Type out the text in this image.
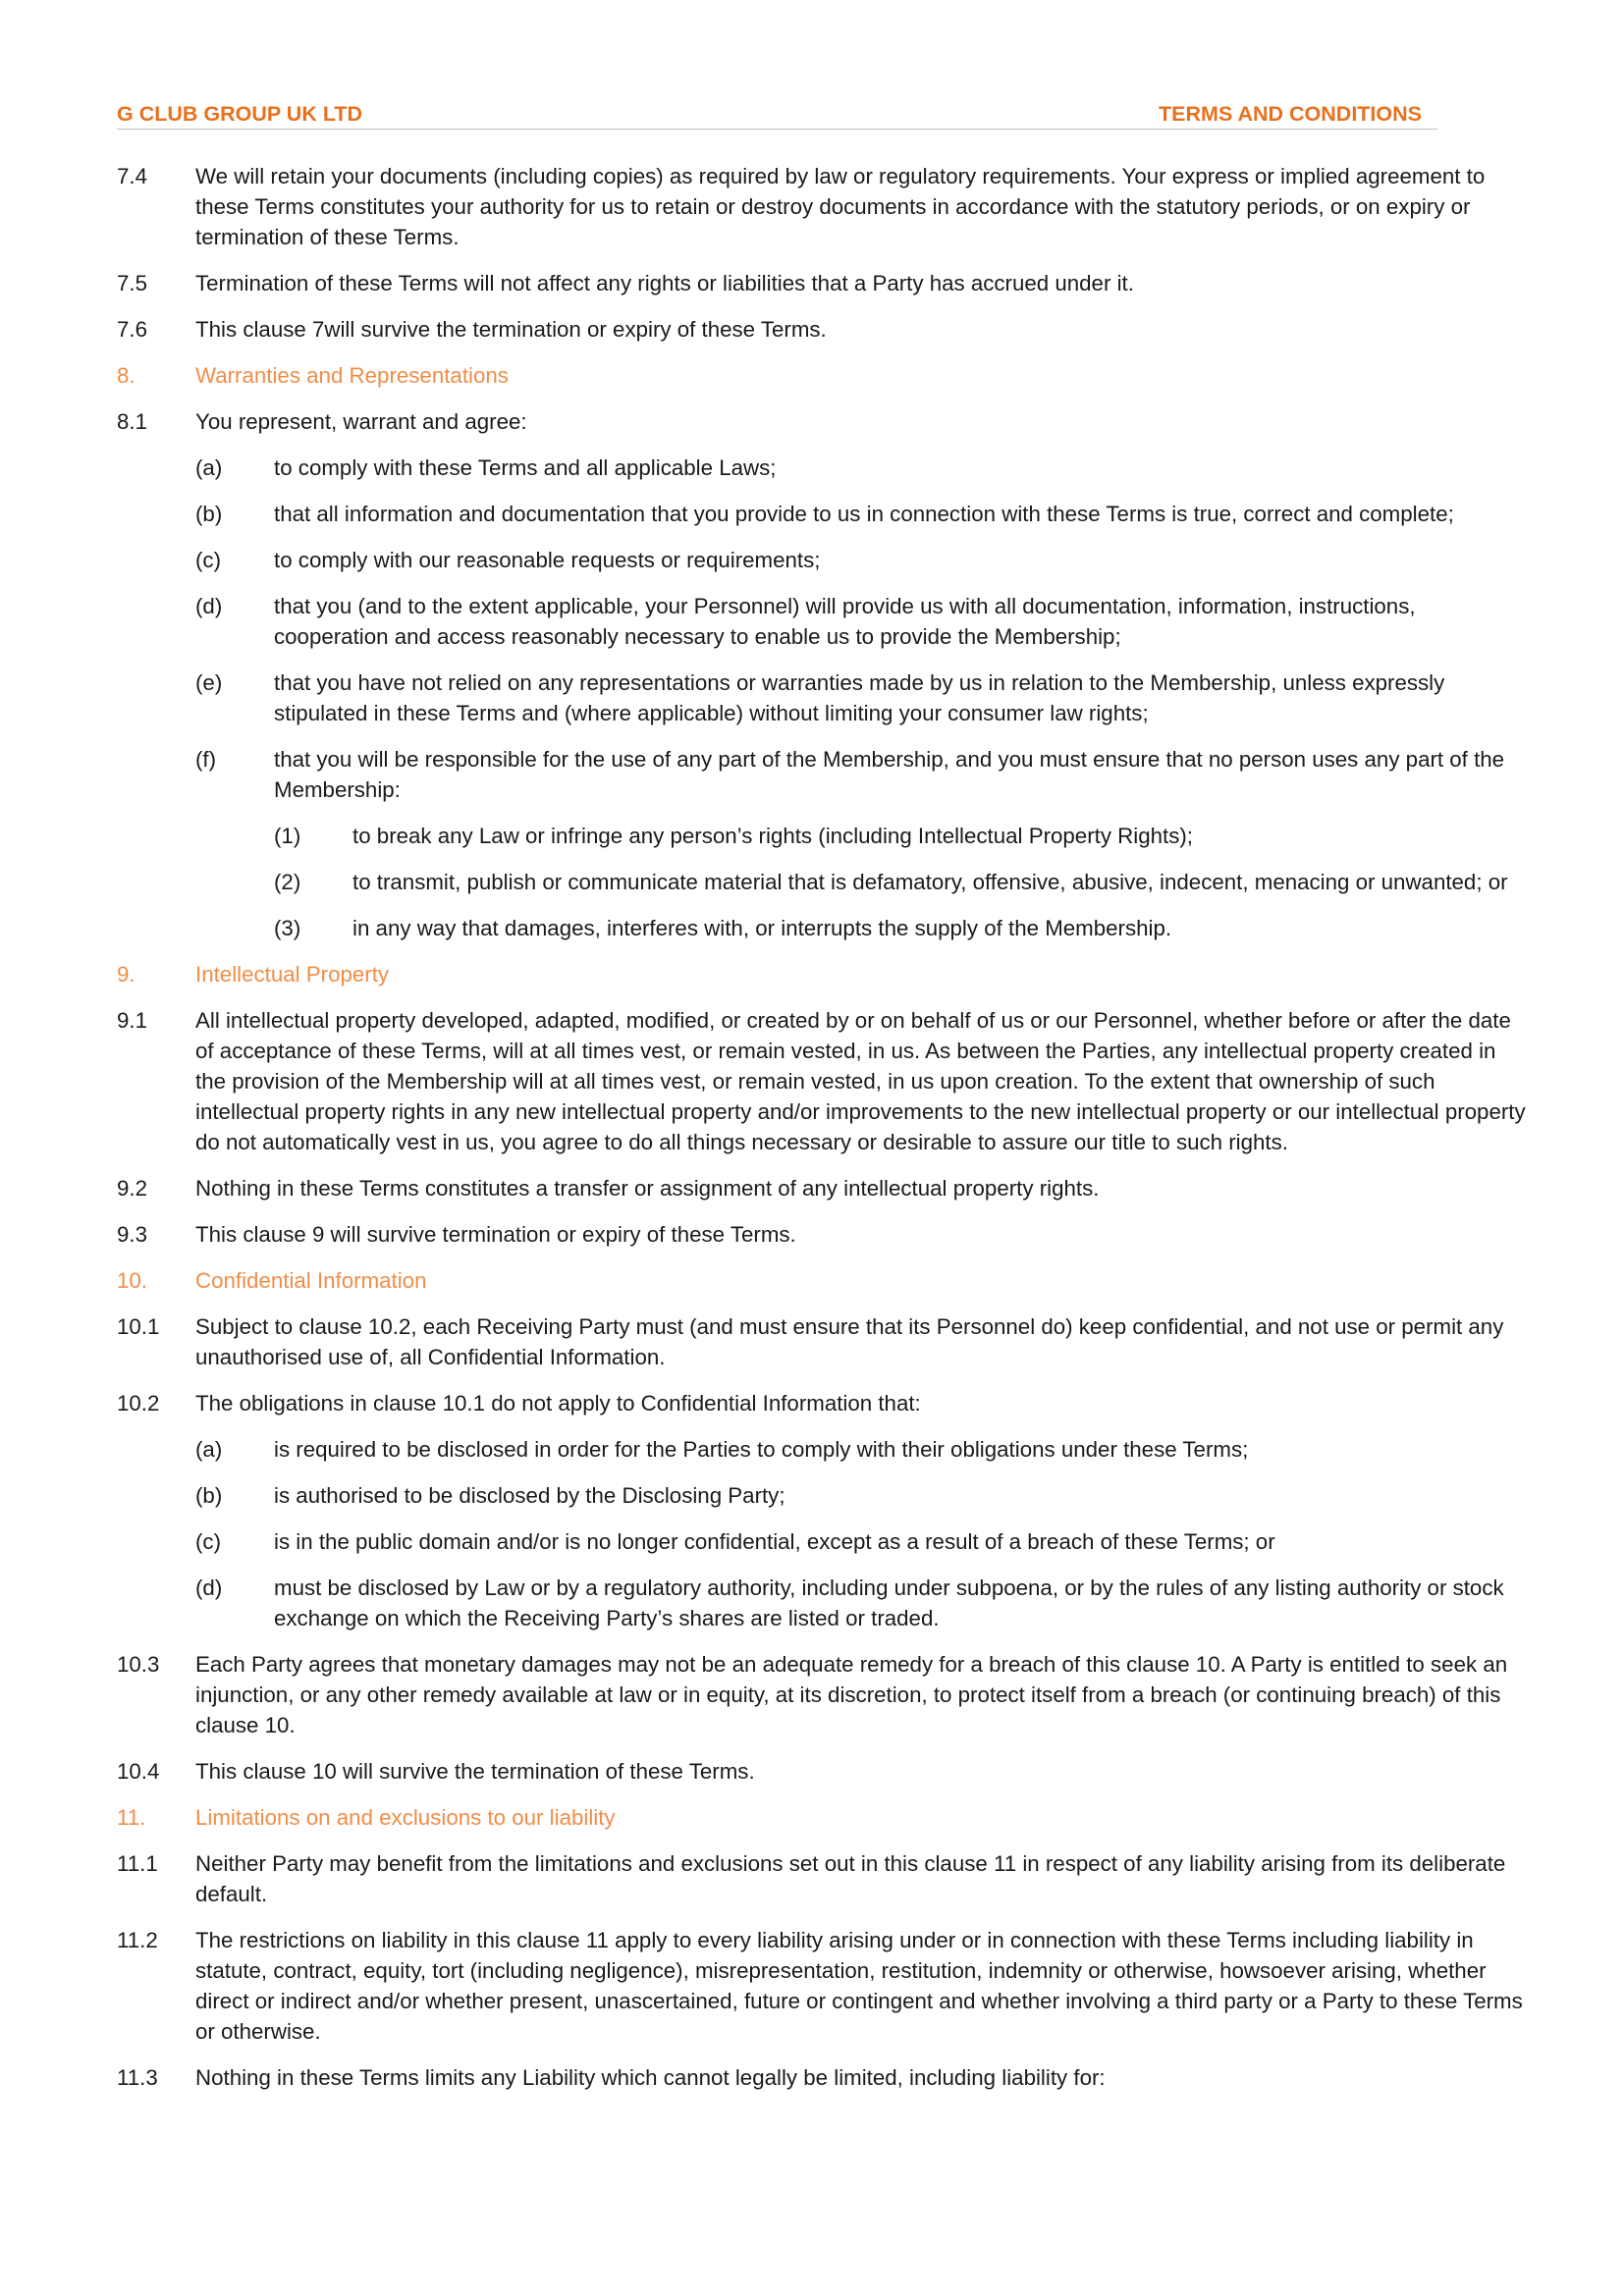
G CLUB GROUP UK LTD	TERMS AND CONDITIONS
7.4 We will retain your documents (including copies) as required by law or regulatory requirements. Your express or implied agreement to these Terms constitutes your authority for us to retain or destroy documents in accordance with the statutory periods, or on expiry or termination of these Terms.
7.5 Termination of these Terms will not affect any rights or liabilities that a Party has accrued under it.
7.6 This clause 7will survive the termination or expiry of these Terms.
8.	Warranties and Representations
8.1 You represent, warrant and agree:
(a) to comply with these Terms and all applicable Laws;
(b) that all information and documentation that you provide to us in connection with these Terms is true, correct and complete;
(c) to comply with our reasonable requests or requirements;
(d) that you (and to the extent applicable, your Personnel) will provide us with all documentation, information, instructions, cooperation and access reasonably necessary to enable us to provide the Membership;
(e) that you have not relied on any representations or warranties made by us in relation to the Membership, unless expressly stipulated in these Terms and (where applicable) without limiting your consumer law rights;
(f)	that you will be responsible for the use of any part of the Membership, and you must ensure that no person uses any part of the Membership:
(1) to break any Law or infringe any person’s rights (including Intellectual Property Rights);
(2) to transmit, publish or communicate material that is defamatory, offensive, abusive, indecent, menacing or unwanted; or
(3) in any way that damages, interferes with, or interrupts the supply of the Membership.
9.	Intellectual Property
9.1 All intellectual property developed, adapted, modified, or created by or on behalf of us or our Personnel, whether before or after the date of acceptance of these Terms, will at all times vest, or remain vested, in us. As between the Parties, any intellectual property created in the provision of the Membership will at all times vest, or remain vested, in us upon creation. To the extent that ownership of such intellectual property rights in any new intellectual property and/or improvements to the new intellectual property or our intellectual property do not automatically vest in us, you agree to do all things necessary or desirable to assure our title to such rights.
9.2 Nothing in these Terms constitutes a transfer or assignment of any intellectual property rights.
9.3 This clause 9 will survive termination or expiry of these Terms.
10. Confidential Information
10.1 Subject to clause 10.2, each Receiving Party must (and must ensure that its Personnel do) keep confidential, and not use or permit any unauthorised use of, all Confidential Information.
10.2 The obligations in clause 10.1 do not apply to Confidential Information that:
(a) is required to be disclosed in order for the Parties to comply with their obligations under these Terms;
(b) is authorised to be disclosed by the Disclosing Party;
(c) is in the public domain and/or is no longer confidential, except as a result of a breach of these Terms; or
(d) must be disclosed by Law or by a regulatory authority, including under subpoena, or by the rules of any listing authority or stock exchange on which the Receiving Party’s shares are listed or traded.
10.3 Each Party agrees that monetary damages may not be an adequate remedy for a breach of this clause 10. A Party is entitled to seek an injunction, or any other remedy available at law or in equity, at its discretion, to protect itself from a breach (or continuing breach) of this clause 10.
10.4 This clause 10 will survive the termination of these Terms.
11. Limitations on and exclusions to our liability
11.1 Neither Party may benefit from the limitations and exclusions set out in this clause 11 in respect of any liability arising from its deliberate default.
11.2 The restrictions on liability in this clause 11 apply to every liability arising under or in connection with these Terms including liability in statute, contract, equity, tort (including negligence), misrepresentation, restitution, indemnity or otherwise, howsoever arising, whether direct or indirect and/or whether present, unascertained, future or contingent and whether involving a third party or a Party to these Terms or otherwise.
11.3 Nothing in these Terms limits any Liability which cannot legally be limited, including liability for:
